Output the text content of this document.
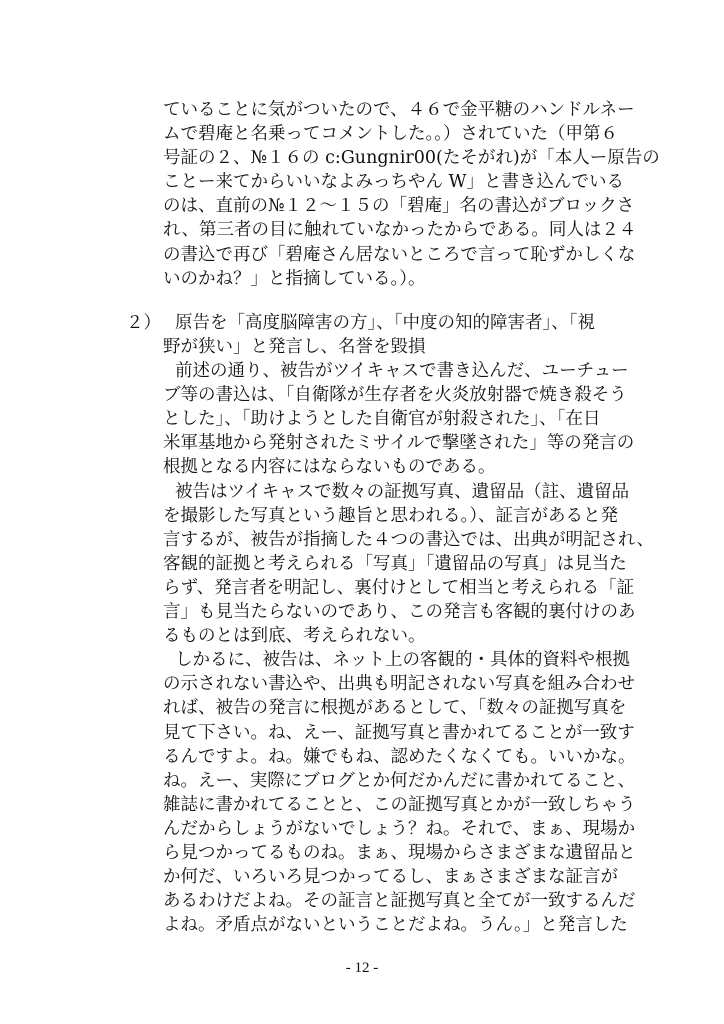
ていることに気がついたので、４６で金平糖のハンドルネー
ムで碧庵と名乗ってコメントした。。）されていた（甲第６
号証の２、№１６の c:Gungnir00(たそがれ)が「本人ー原告の
ことー来てからいいなよみっちやん W」と書き込んでいる
のは、直前の№１２～１５の「碧庵」名の書込がブロックさ
れ、第三者の目に触れていなかったからである。同人は２４
の書込で再び「碧庵さん居ないところで言って恥ずかしくな
いのかね？」と指摘している。）。
２） 原告を「高度脳障害の方」、「中度の知的障害者」、「視
野が狭い」と発言し、名誉を毀損
前述の通り、被告がツイキャスで書き込んだ、ユーチュー
ブ等の書込は、「自衛隊が生存者を火炎放射器で焼き殺そう
とした」、「助けようとした自衛官が射殺された」、「在日
米軍基地から発射されたミサイルで撃墜された」等の発言の
根拠となる内容にはならないものである。
被告はツイキャスで数々の証拠写真、遺留品（註、遺留品
を撮影した写真という趣旨と思われる。）、証言があると発
言するが、被告が指摘した４つの書込では、出典が明記され、
客観的証拠と考えられる「写真」「遺留品の写真」は見当た
らず、発言者を明記し、裏付けとして相当と考えられる「証
言」も見当たらないのであり、この発言も客観的裏付けのあ
るものとは到底、考えられない。
しかるに、被告は、ネット上の客観的・具体的資料や根拠
の示されない書込や、出典も明記されない写真を組み合わせ
れば、被告の発言に根拠があるとして、「数々の証拠写真を
見て下さい。ね、えー、証拠写真と書かれてることが一致す
るんですよ。ね。嫌でもね、認めたくなくても。いいかな。
ね。えー、実際にブログとか何だかんだに書かれてること、
雑誌に書かれてることと、この証拠写真とかが一致しちゃう
んだからしょうがないでしょう？ね。それで、まぁ、現場か
ら見つかってるものね。まぁ、現場からさまざまな遺留品と
か何だ、いろいろ見つかってるし、まぁさまざまな証言が
あるわけだよね。その証言と証拠写真と全てが一致するんだ
よね。矛盾点がないということだよね。うん。」と発言した
- 12 -
